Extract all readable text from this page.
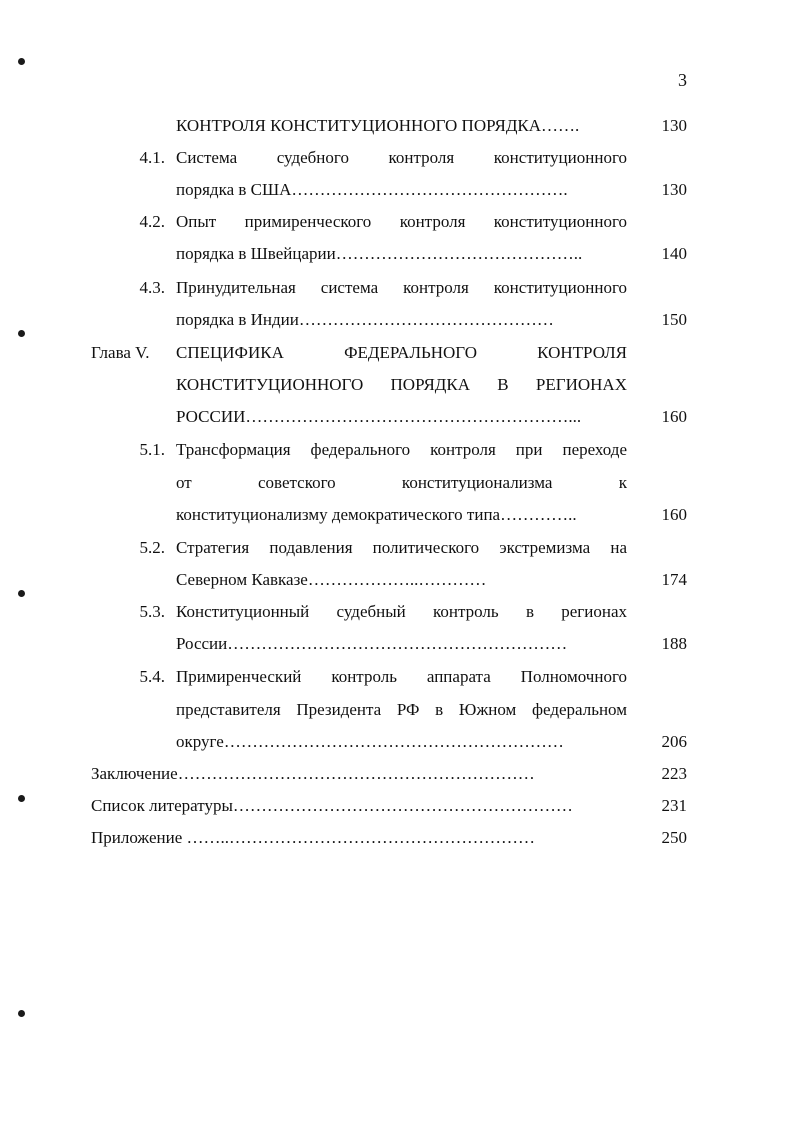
3
КОНТРОЛЯ КОНСТИТУЦИОННОГО ПОРЯДКА…….	130
4.1. Система судебного контроля конституционного
порядка в США………………………………………….	130
4.2. Опыт примиренческого контроля конституционного
порядка в Швейцарии……………………………………..	140
4.3. Принудительная система контроля конституционного
порядка в Индии………………………………………	150
Глава V. СПЕЦИФИКА ФЕДЕРАЛЬНОГО КОНТРОЛЯ
КОНСТИТУЦИОННОГО ПОРЯДКА В РЕГИОНАХ
РОССИИ…………………………………………………...	160
5.1. Трансформация федерального контроля при переходе
от советского конституционализма к
конституционализму демократического типа…………..	160
5.2. Стратегия подавления политического экстремизма на
Северном Кавказе………………..…………	174
5.3. Конституционный судебный контроль в регионах
России……………………………………………………	188
5.4. Примиренческий контроль аппарата Полномочного
представителя Президента РФ в Южном федеральном
округе……………………………………………………	206
Заключение………………………………………………………	223
Список литературы……………………………………………………	231
Приложение ……..………………………………………………	250
